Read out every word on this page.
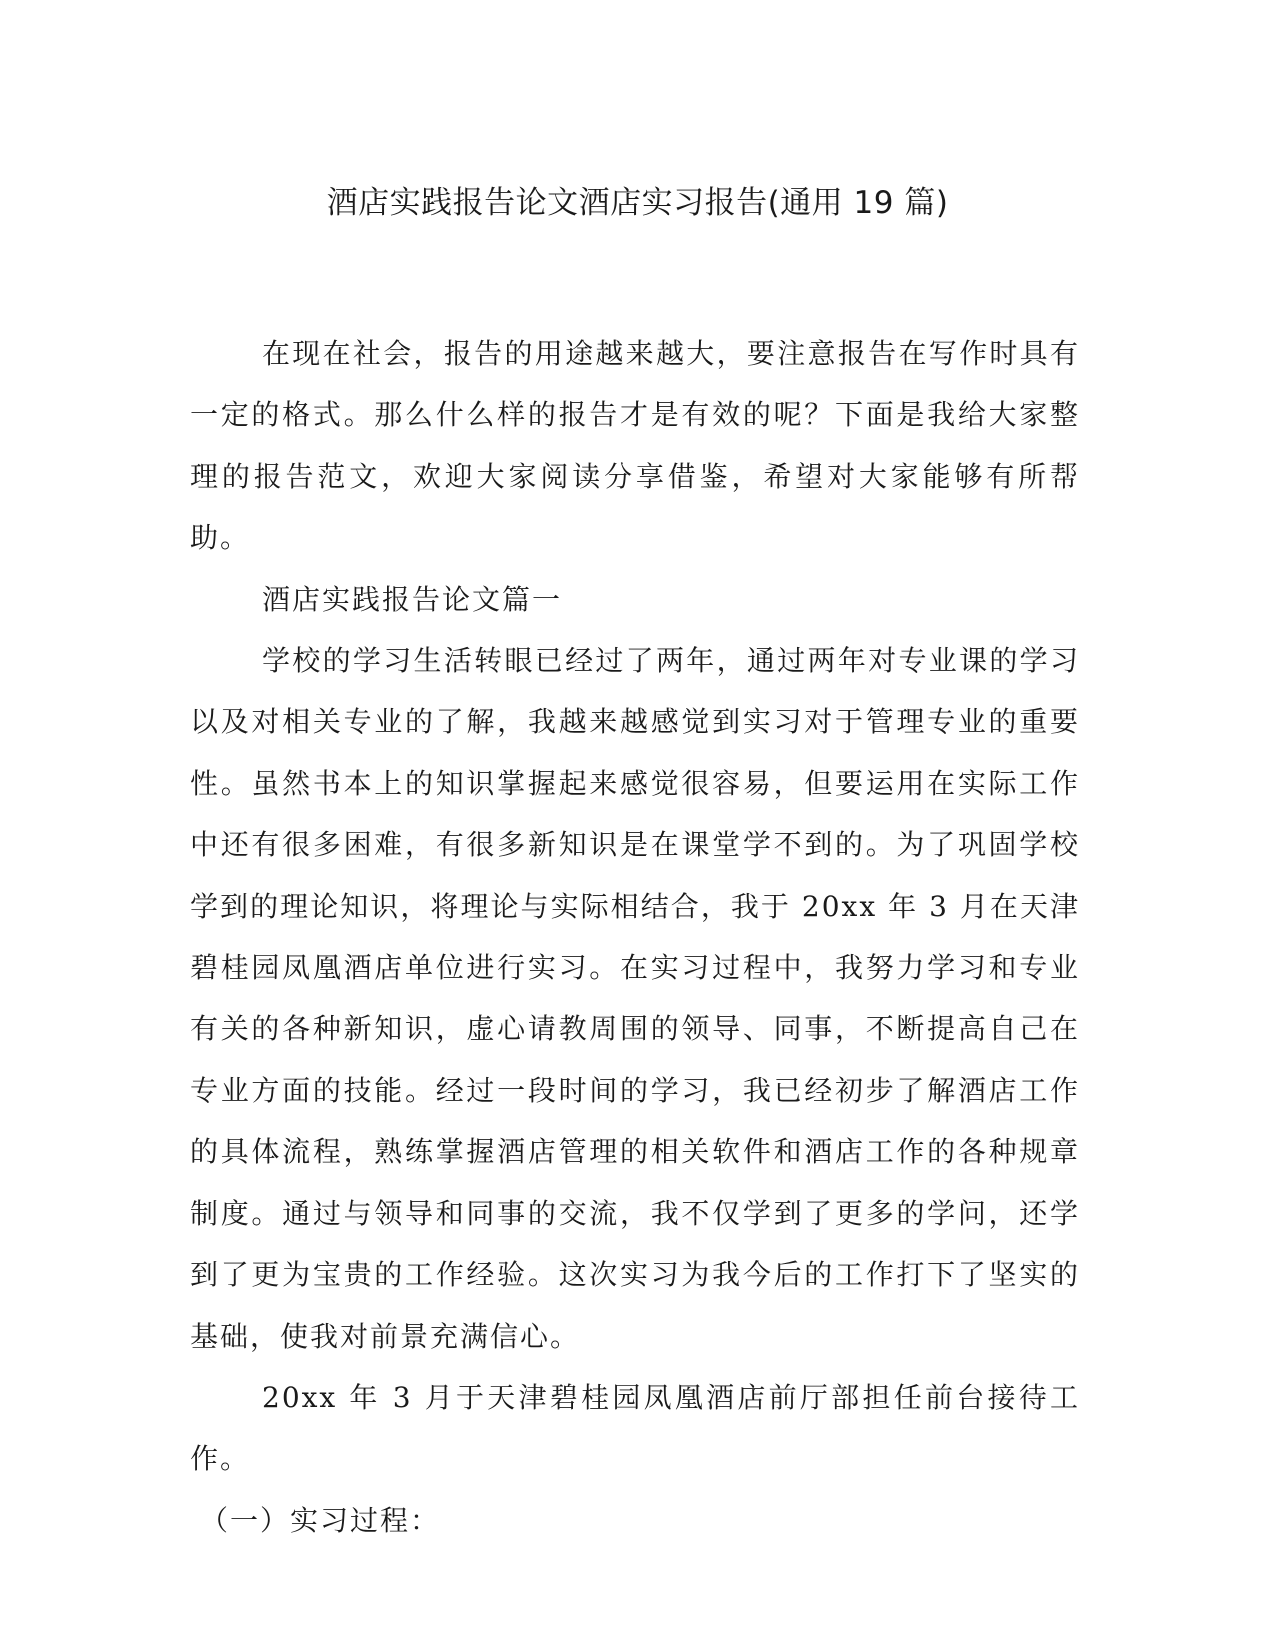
酒店实践报告论文酒店实习报告(通用 19 篇)

在现在社会，报告的用途越来越大，要注意报告在写作时具有一定的格式。那么什么样的报告才是有效的呢？下面是我给大家整理的报告范文，欢迎大家阅读分享借鉴，希望对大家能够有所帮助。

酒店实践报告论文篇一

学校的学习生活转眼已经过了两年，通过两年对专业课的学习以及对相关专业的了解，我越来越感觉到实习对于管理专业的重要性。虽然书本上的知识掌握起来感觉很容易，但要运用在实际工作中还有很多困难，有很多新知识是在课堂学不到的。为了巩固学校学到的理论知识，将理论与实际相结合，我于 20xx 年 3 月在天津碧桂园凤凰酒店单位进行实习。在实习过程中，我努力学习和专业有关的各种新知识，虚心请教周围的领导、同事，不断提高自己在专业方面的技能。经过一段时间的学习，我已经初步了解酒店工作的具体流程，熟练掌握酒店管理的相关软件和酒店工作的各种规章制度。通过与领导和同事的交流，我不仅学到了更多的学问，还学到了更为宝贵的工作经验。这次实习为我今后的工作打下了坚实的基础，使我对前景充满信心。

20xx 年 3 月于天津碧桂园凤凰酒店前厅部担任前台接待工作。

（一）实习过程：
